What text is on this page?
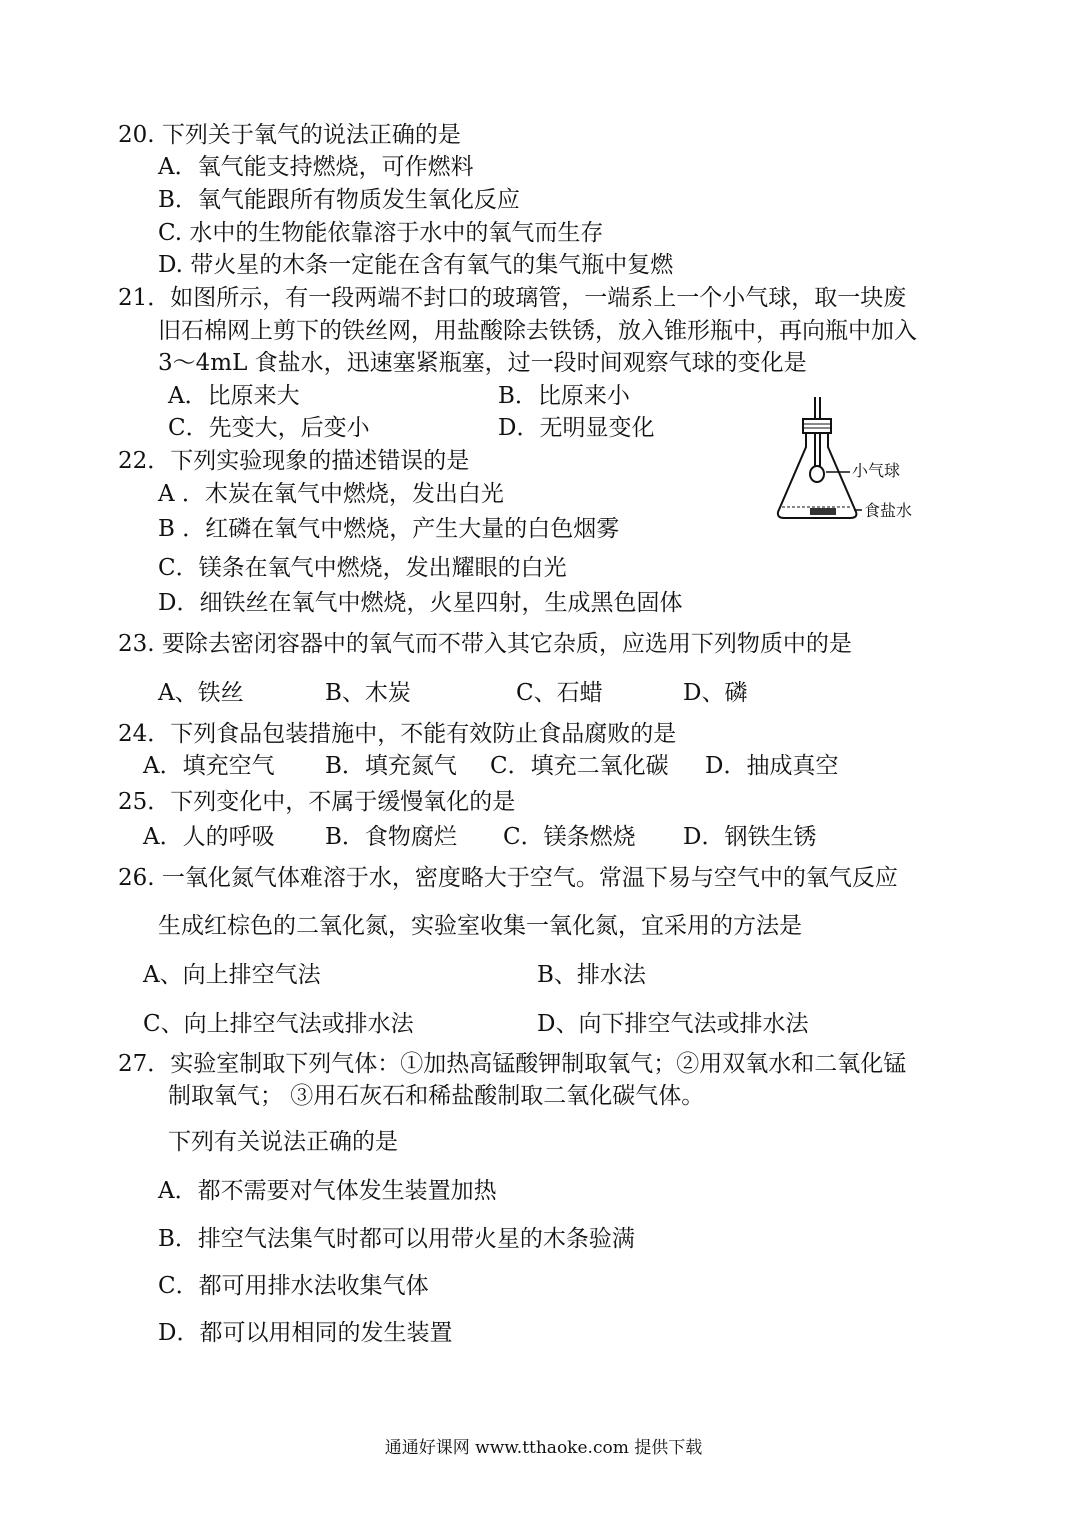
20. 下列关于氧气的说法正确的是
A．氧气能支持燃烧，可作燃料
B．氧气能跟所有物质发生氧化反应
C. 水中的生物能依靠溶于水中的氧气而生存
D. 带火星的木条一定能在含有氧气的集气瓶中复燃
21．如图所示，有一段两端不封口的玻璃管，一端系上一个小气球，取一块废
旧石棉网上剪下的铁丝网，用盐酸除去铁锈，放入锥形瓶中，再向瓶中加入
3～4mL 食盐水，迅速塞紧瓶塞，过一段时间观察气球的变化是
A．比原来大	B．比原来小
C．先变大，后变小	D．无明显变化
小气球
食盐水
22．下列实验现象的描述错误的是
A ．木炭在氧气中燃烧，发出白光
B ．红磷在氧气中燃烧，产生大量的白色烟雾
C．镁条在氧气中燃烧，发出耀眼的白光
D．细铁丝在氧气中燃烧，火星四射，生成黑色固体
23. 要除去密闭容器中的氧气而不带入其它杂质，应选用下列物质中的是
A、铁丝	B、木炭	C、石蜡	D、磷
24．下列食品包装措施中，不能有效防止食品腐败的是
A．填充空气 B．填充氮气 C．填充二氧化碳 D．抽成真空
25．下列变化中，不属于缓慢氧化的是
A．人的呼吸 B．食物腐烂 C．镁条燃烧 D．钢铁生锈
26. 一氧化氮气体难溶于水，密度略大于空气。常温下易与空气中的氧气反应
生成红棕色的二氧化氮，实验室收集一氧化氮，宜采用的方法是
A、向上排空气法	B、排水法
C、向上排空气法或排水法	D、向下排空气法或排水法
27．实验室制取下列气体：①加热高锰酸钾制取氧气；②用双氧水和二氧化锰
制取氧气； ③用石灰石和稀盐酸制取二氧化碳气体。
下列有关说法正确的是
A．都不需要对气体发生装置加热
B．排空气法集气时都可以用带火星的木条验满
C．都可用排水法收集气体
D．都可以用相同的发生装置
通通好课网 www.tthaoke.com 提供下载
